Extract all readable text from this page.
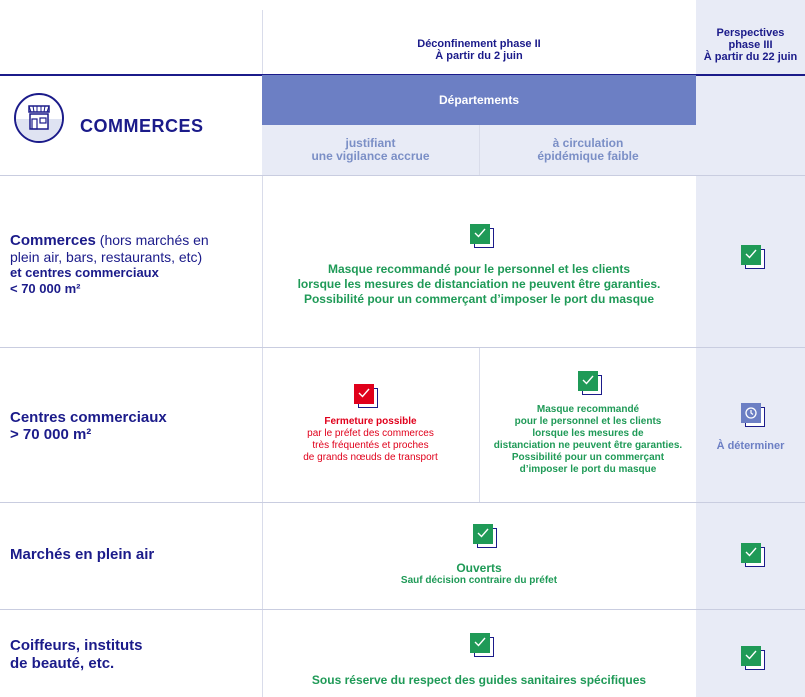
Déconfinement phase II
À partir du 2 juin
Perspectives
phase III
À partir du 22 juin
Départements
justifiant
une vigilance accrue
à circulation
épidémique faible
COMMERCES
Commerces (hors marchés en
plein air, bars, restaurants, etc)
et centres commerciaux
< 70 000 m²
Masque recommandé pour le personnel et les clients
lorsque les mesures de distanciation ne peuvent être garanties.
Possibilité pour un commerçant d’imposer le port du masque
Centres commerciaux
> 70 000 m²
Fermeture possible
par le préfet des commerces
très fréquentés et proches
de grands nœuds de transport
Masque recommandé
pour le personnel et les clients
lorsque les mesures de
distanciation ne peuvent être garanties.
Possibilité pour un commerçant
d’imposer le port du masque
À déterminer
Marchés en plein air
Ouverts
Sauf décision contraire du préfet
Coiffeurs, instituts
de beauté, etc.
Sous réserve du respect des guides sanitaires spécifiques
